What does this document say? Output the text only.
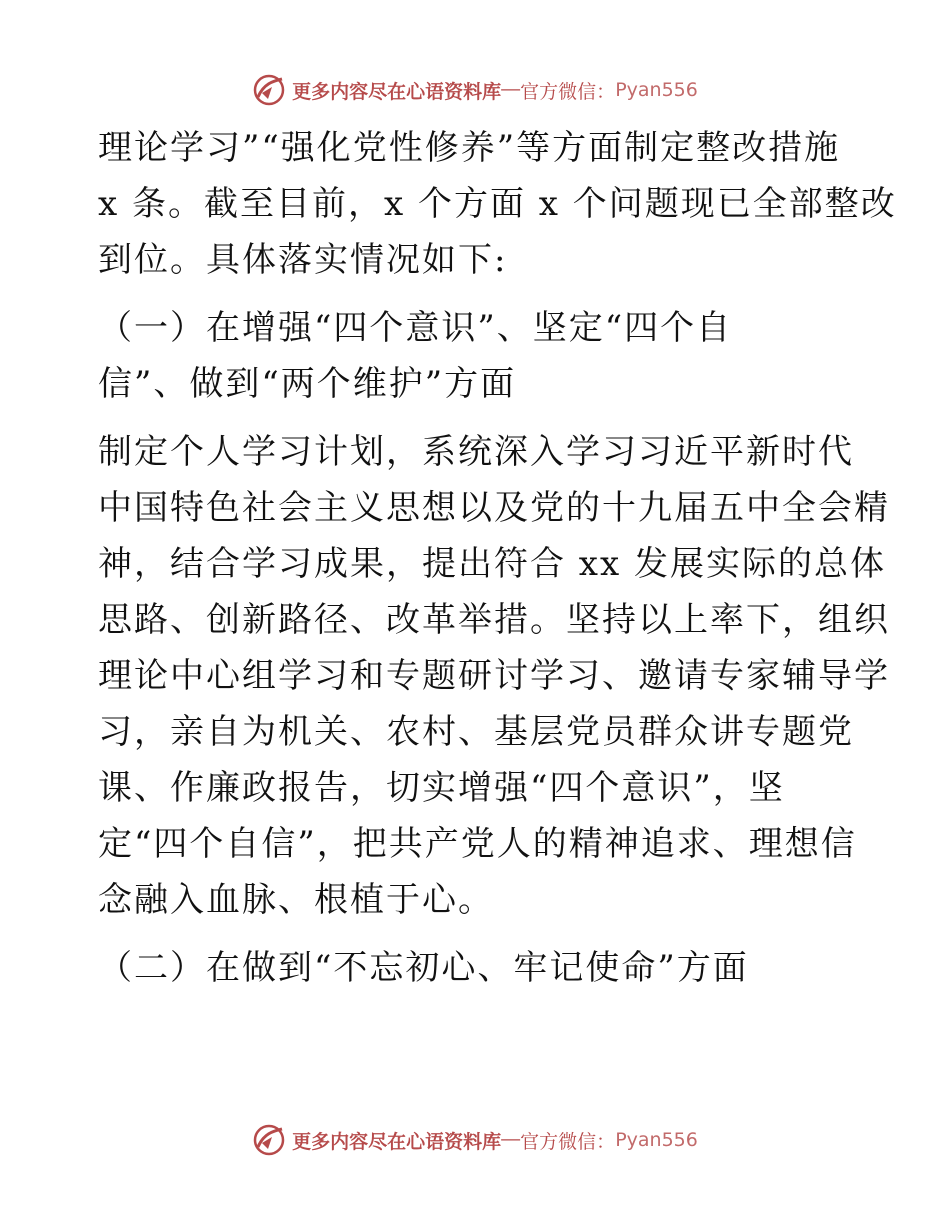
更多内容尽在心语资料库 — 官方微信： Pyan556
理论学习”“强化党性修养”等方面制定整改措施
x 条。截至目前，x 个方面 x 个问题现已全部整改
到位。具体落实情况如下:
（一）在增强“四个意识”、坚定“四个自
信”、做到“两个维护”方面
制定个人学习计划，系统深入学习习近平新时代
中国特色社会主义思想以及党的十九届五中全会精
神，结合学习成果，提出符合 xx 发展实际的总体
思路、创新路径、改革举措。坚持以上率下，组织
理论中心组学习和专题研讨学习、邀请专家辅导学
习，亲自为机关、农村、基层党员群众讲专题党
课、作廉政报告，切实增强“四个意识”，坚
定“四个自信”，把共产党人的精神追求、理想信
念融入血脉、根植于心。
（二）在做到“不忘初心、牢记使命”方面
更多内容尽在心语资料库 — 官方微信： Pyan556
